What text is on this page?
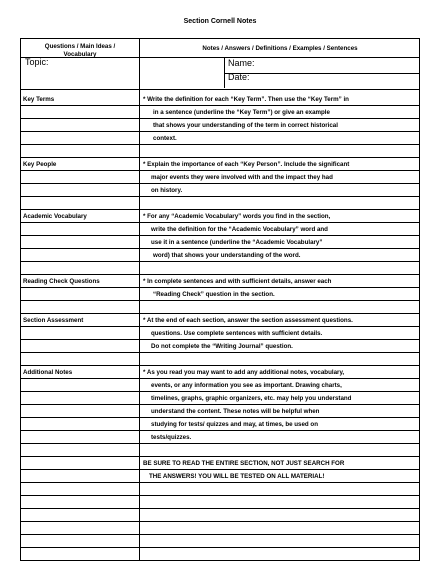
Section Cornell Notes
Questions / Main Ideas /
Vocabulary
Notes / Answers / Definitions / Examples / Sentences
Topic:	Name:
Date:
Key Terms
Key People
Academic Vocabulary
Reading Check Questions
Section Assessment
Additional Notes
* Write the definition for each “Key Term”. Then use the “Key Term” in
in a sentence (underline the “Key Term”) or give an example
that shows your understanding of the term in correct historical
context.
* Explain the importance of each “Key Person”. Include the significant
major events they were involved with and the impact they had
on history.
* For any “Academic Vocabulary” words you find in the section,
write the definition for the “Academic Vocabulary” word and
use it in a sentence (underline the “Academic Vocabulary”
word) that shows your understanding of the word.
* In complete sentences and with sufficient details, answer each
“Reading Check” question in the section.
* At the end of each section, answer the section assessment questions.
questions. Use complete sentences with sufficient details.
Do not complete the “Writing Journal” question.
* As you read you may want to add any additional notes, vocabulary,
events, or any information you see as important. Drawing charts,
timelines, graphs, graphic organizers, etc. may help you understand
understand the content. These notes will be helpful when
studying for tests/ quizzes and may, at times, be used on
tests/quizzes.
BE SURE TO READ THE ENTIRE SECTION, NOT JUST SEARCH FOR
THE ANSWERS! YOU WILL BE TESTED ON ALL MATERIAL!
